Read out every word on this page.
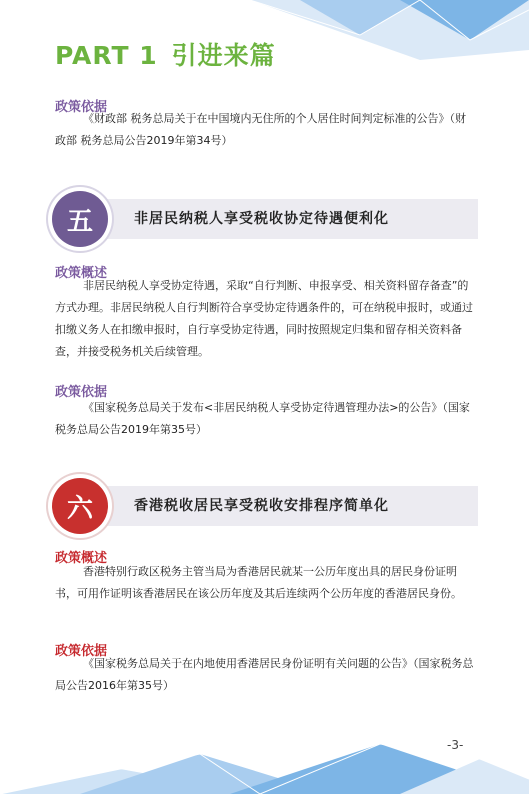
PART 1 引进来篇
政策依据
《财政部 税务总局关于在中国境内无住所的个人居住时间判定标准的公告》（财政部 税务总局公告2019年第34号）
非居民纳税人享受税收协定待遇便利化
五
政策概述
非居民纳税人享受协定待遇，采取“自行判断、申报享受、相关资料留存备查”的方式办理。非居民纳税人自行判断符合享受协定待遇条件的，可在纳税申报时，或通过扣缴义务人在扣缴申报时，自行享受协定待遇，同时按照规定归集和留存相关资料备查，并接受税务机关后续管理。
政策依据
《国家税务总局关于发布<非居民纳税人享受协定待遇管理办法>的公告》（国家税务总局公告2019年第35号）
香港税收居民享受税收安排程序简单化
六
政策概述
香港特别行政区税务主管当局为香港居民就某一公历年度出具的居民身份证明书，可用作证明该香港居民在该公历年度及其后连续两个公历年度的香港居民身份。
政策依据
《国家税务总局关于在内地使用香港居民身份证明有关问题的公告》（国家税务总局公告2016年第35号）
-3-
